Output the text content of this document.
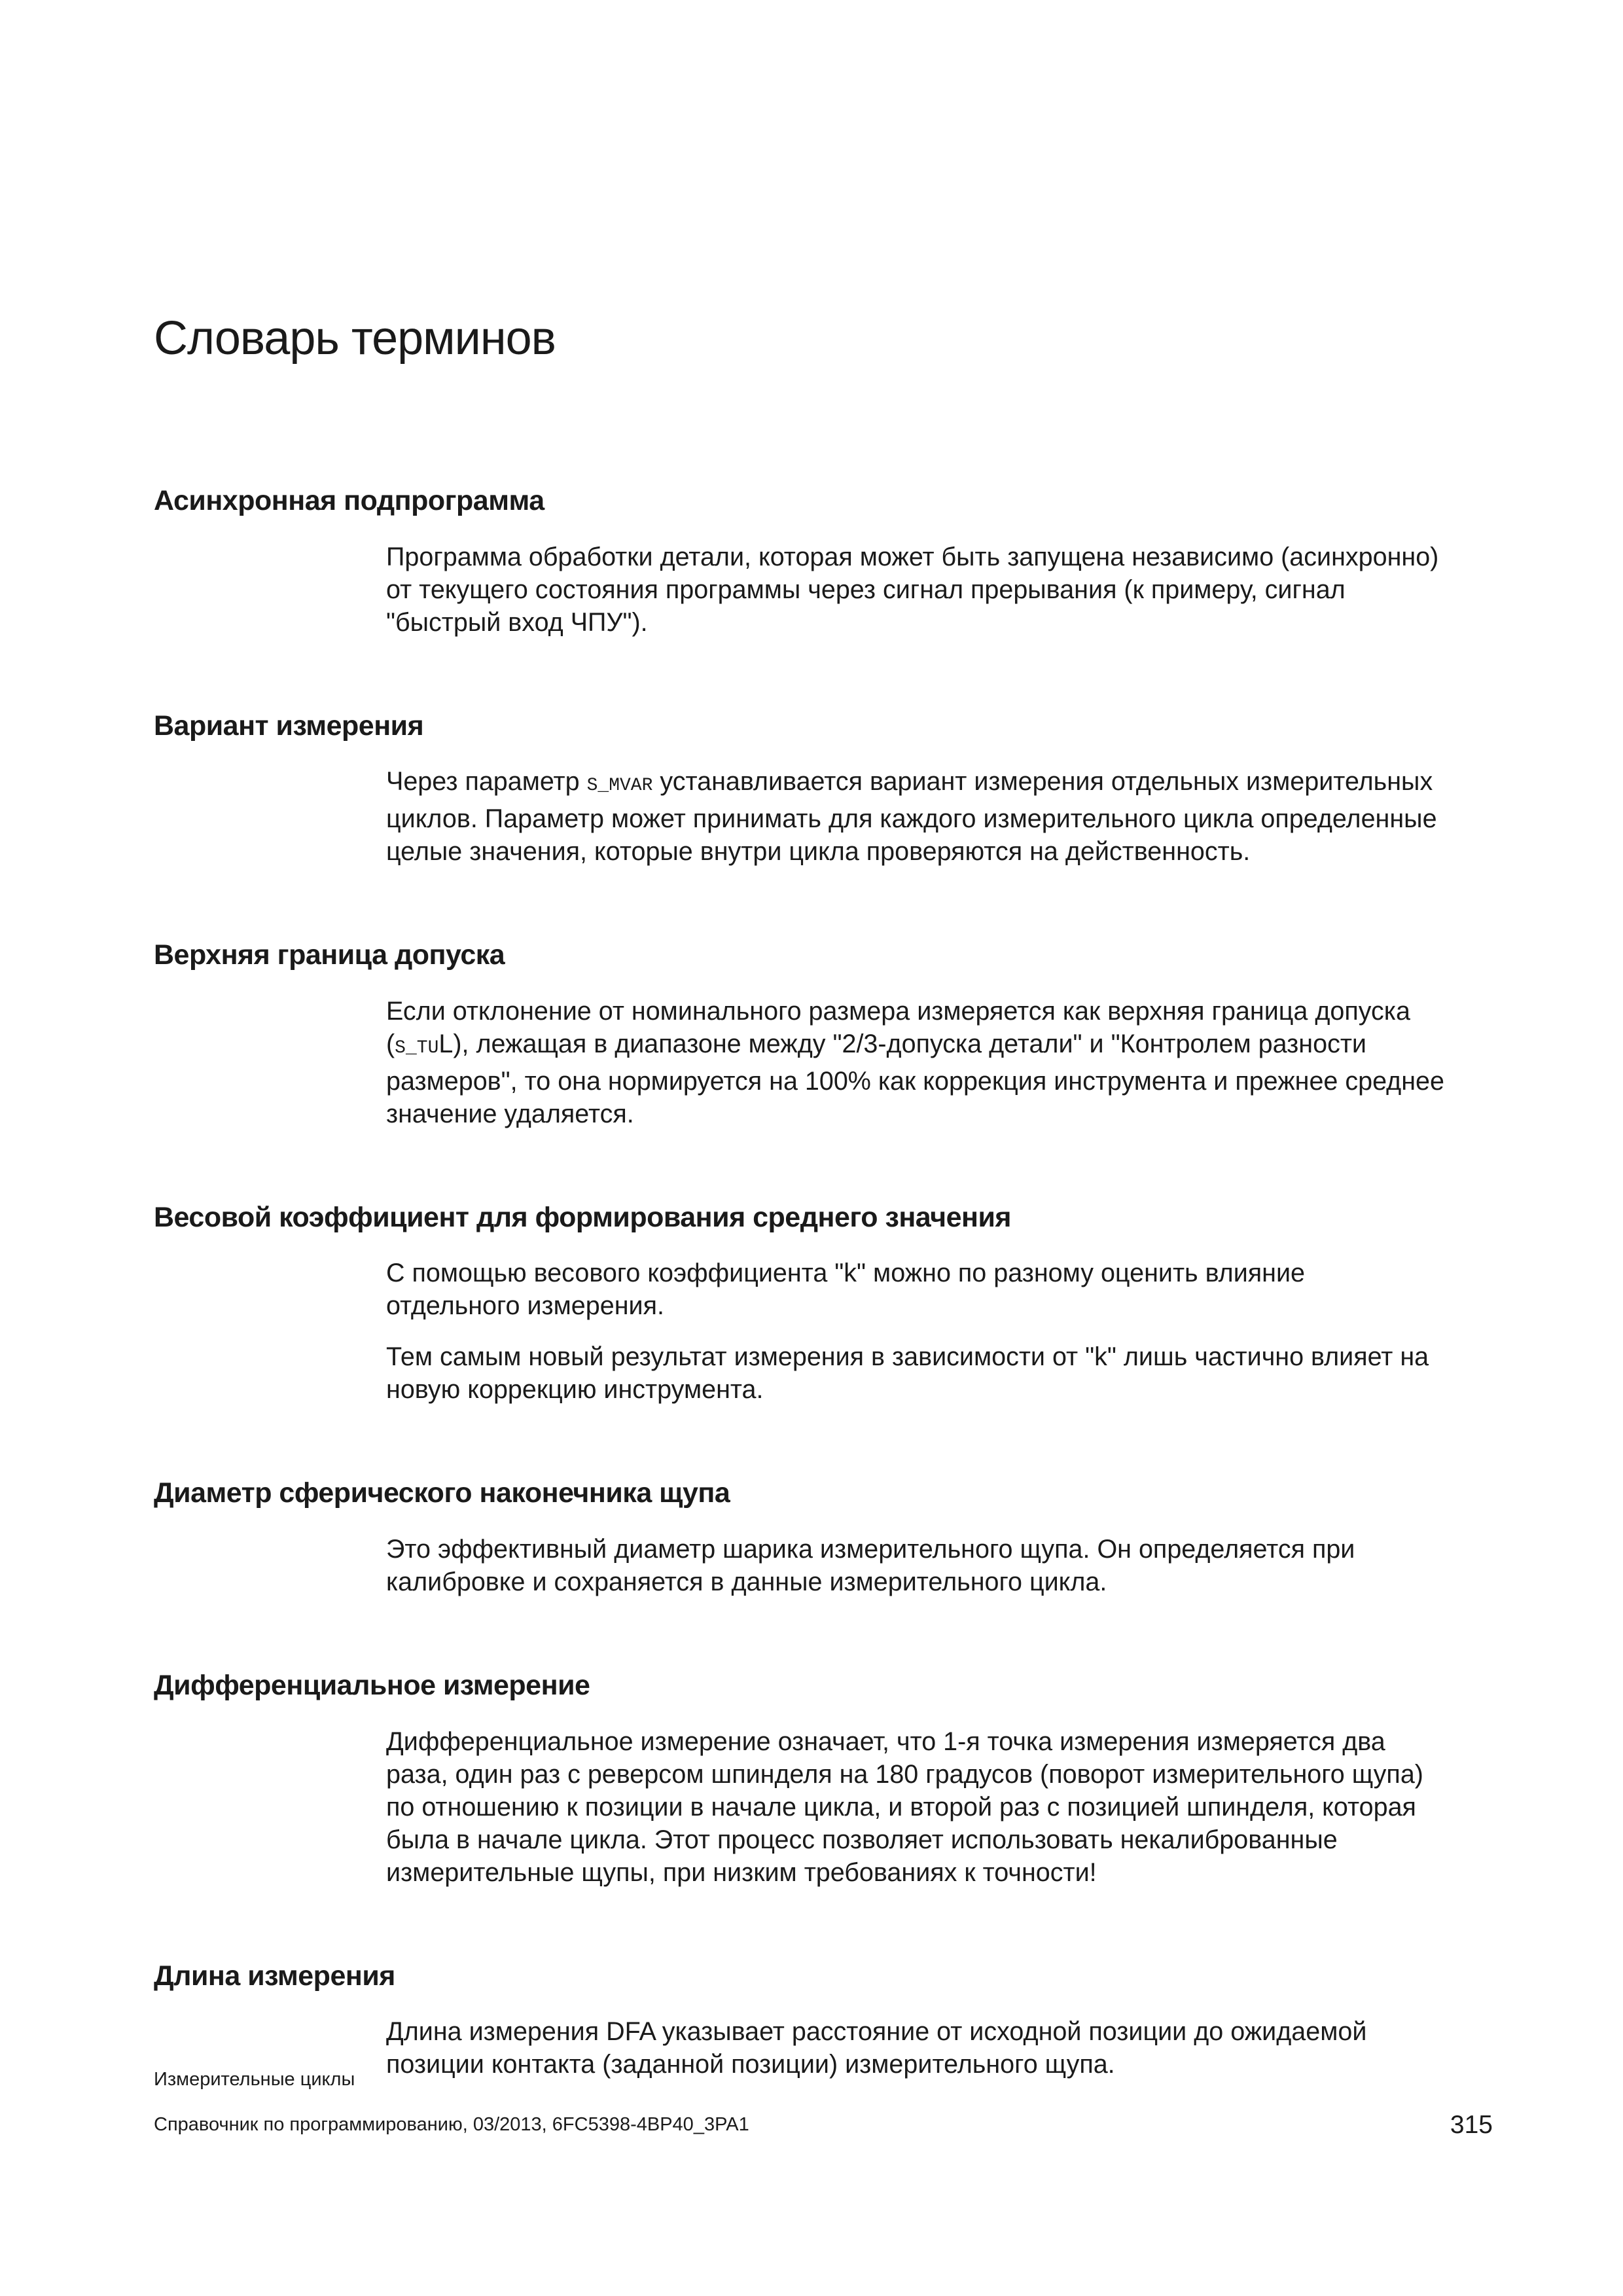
Словарь терминов
Асинхронная подпрограмма

Программа обработки детали, которая может быть запущена независимо (асинхронно)
от текущего состояния программы через сигнал прерывания (к примеру, сигнал
"быстрый вход ЧПУ").

Вариант измерения

Через параметр S_MVAR устанавливается вариант измерения отдельных измерительных
циклов. Параметр может принимать для каждого измерительного цикла определенные
целые значения, которые внутри цикла проверяются на действенность.

Верхняя граница допуска

Если отклонение от номинального размера измеряется как верхняя граница допуска
(S_TUL), лежащая в диапазоне между "2/3-допуска детали" и "Контролем разности
размеров", то она нормируется на 100% как коррекция инструмента и прежнее среднее
значение удаляется.

Весовой коэффициент для формирования среднего значения

С помощью весового коэффициента "k" можно по разному оценить влияние
отдельного измерения.

Тем самым новый результат измерения в зависимости от "k" лишь частично влияет на
новую коррекцию инструмента.

Диаметр сферического наконечника щупа

Это эффективный диаметр шарика измерительного щупа. Он определяется при
калибровке и сохраняется в данные измерительного цикла.

Дифференциальное измерение

Дифференциальное измерение означает, что 1-я точка измерения измеряется два
раза, один раз с реверсом шпинделя на 180 градусов (поворот измерительного щупа)
по отношению к позиции в начале цикла, и второй раз с позицией шпинделя, которая
была в начале цикла. Этот процесс позволяет использовать некалиброванные
измерительные щупы, при низким требованиях к точности!

Длина измерения

Длина измерения DFA указывает расстояние от исходной позиции до ожидаемой
позиции контакта (заданной позиции) измерительного щупа.

Измерительные циклы
Справочник по программированию, 03/2013, 6FC5398-4BP40_3PA1	315
